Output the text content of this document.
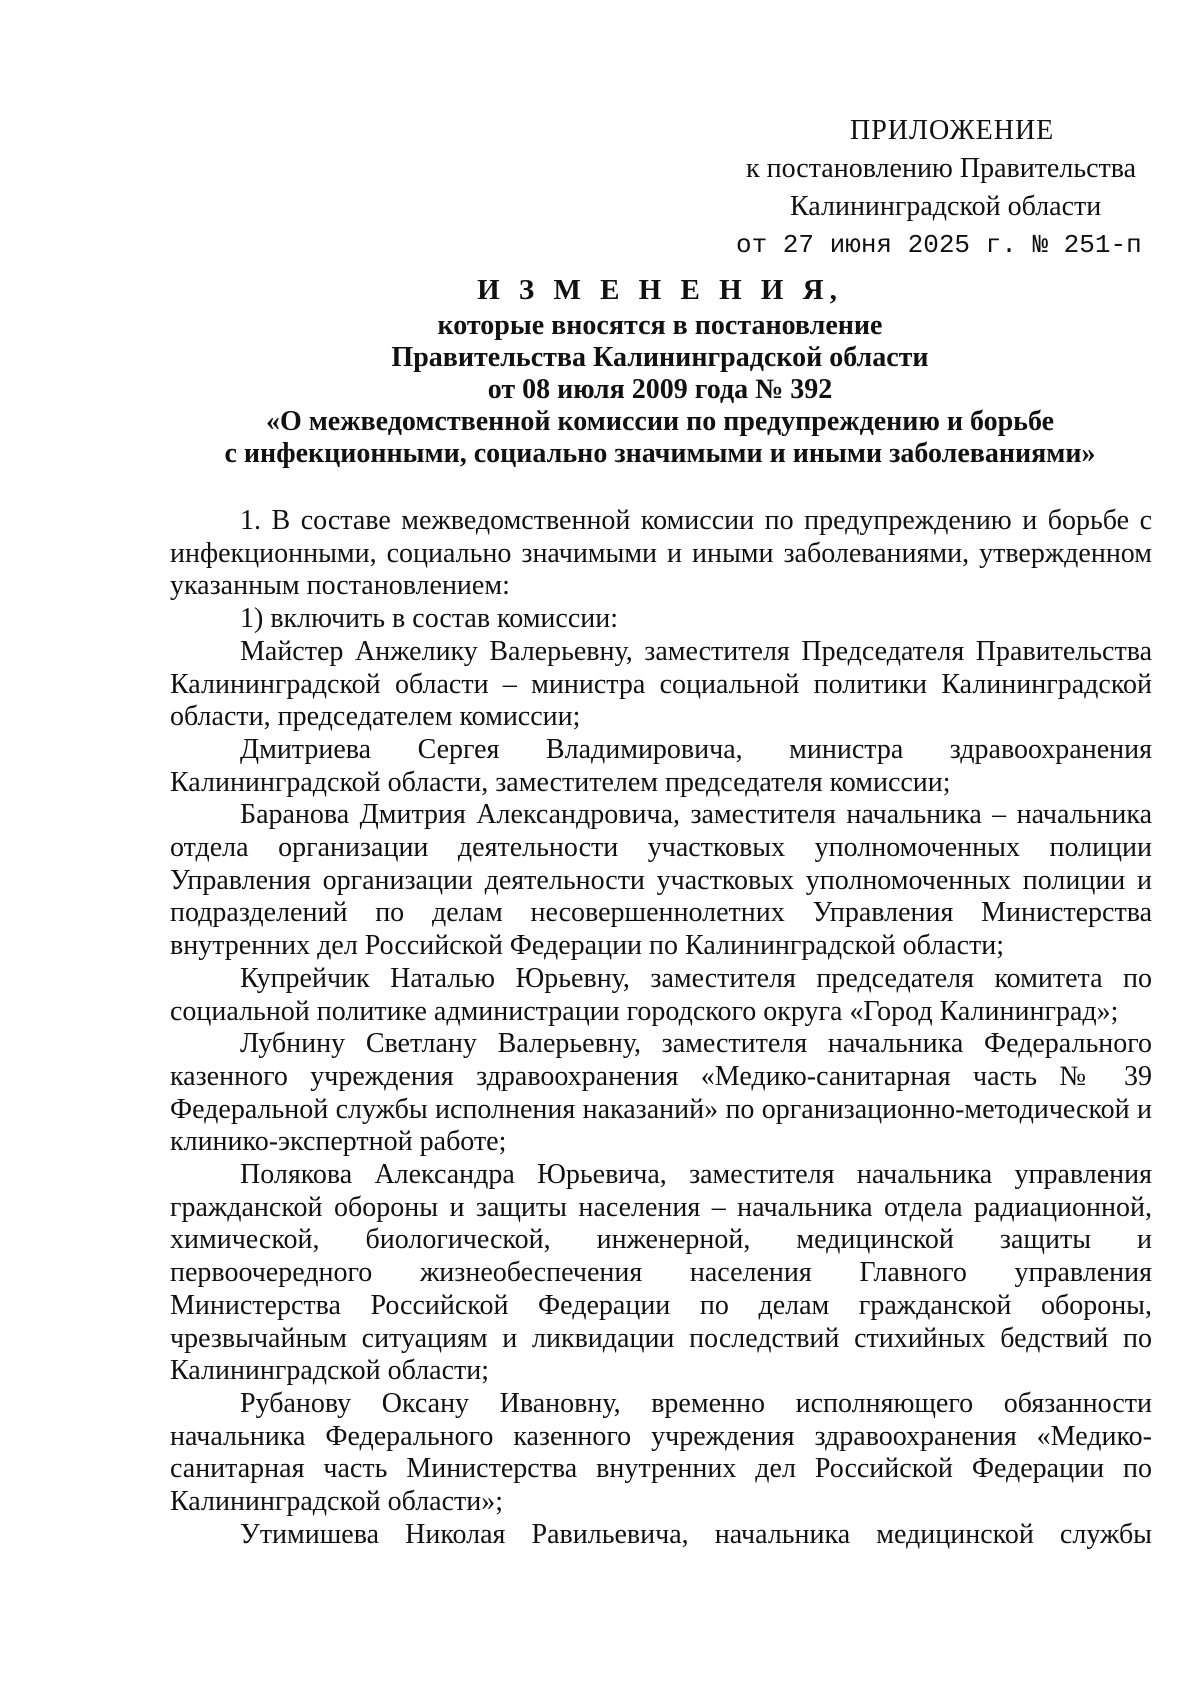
ПРИЛОЖЕНИЕ
к постановлению Правительства
Калининградской области
от 27 июня 2025 г. № 251-п
И З М Е Н Е Н И Я,
которые вносятся в постановление
Правительства Калининградской области
от 08 июля 2009 года № 392
«О межведомственной комиссии по предупреждению и борьбе
с инфекционными, социально значимыми и иными заболеваниями»

1. В составе межведомственной комиссии по предупреждению и борьбе с инфекционными, социально значимыми и иными заболеваниями, утвержденном указанным постановлением:

1) включить в состав комиссии:

Майстер Анжелику Валерьевну, заместителя Председателя Правительства Калининградской области – министра социальной политики Калининградской области, председателем комиссии;

Дмитриева Сергея Владимировича, министра здравоохранения Калининградской области, заместителем председателя комиссии;

Баранова Дмитрия Александровича, заместителя начальника – начальника отдела организации деятельности участковых уполномоченных полиции Управления организации деятельности участковых уполномоченных полиции и подразделений по делам несовершеннолетних Управления Министерства внутренних дел Российской Федерации по Калининградской области;

Купрейчик Наталью Юрьевну, заместителя председателя комитета по социальной политике администрации городского округа «Город Калининград»;

Лубнину Светлану Валерьевну, заместителя начальника Федерального казенного учреждения здравоохранения «Медико-санитарная часть № 39 Федеральной службы исполнения наказаний» по организационно-методической и клинико-экспертной работе;

Полякова Александра Юрьевича, заместителя начальника управления гражданской обороны и защиты населения – начальника отдела радиационной, химической, биологической, инженерной, медицинской защиты и первоочередного жизнеобеспечения населения Главного управления Министерства Российской Федерации по делам гражданской обороны, чрезвычайным ситуациям и ликвидации последствий стихийных бедствий по Калининградской области;

Рубанову Оксану Ивановну, временно исполняющего обязанности начальника Федерального казенного учреждения здравоохранения «Медико-санитарная часть Министерства внутренних дел Российской Федерации по Калининградской области»;

Утимишева Николая Равильевича, начальника медицинской службы
